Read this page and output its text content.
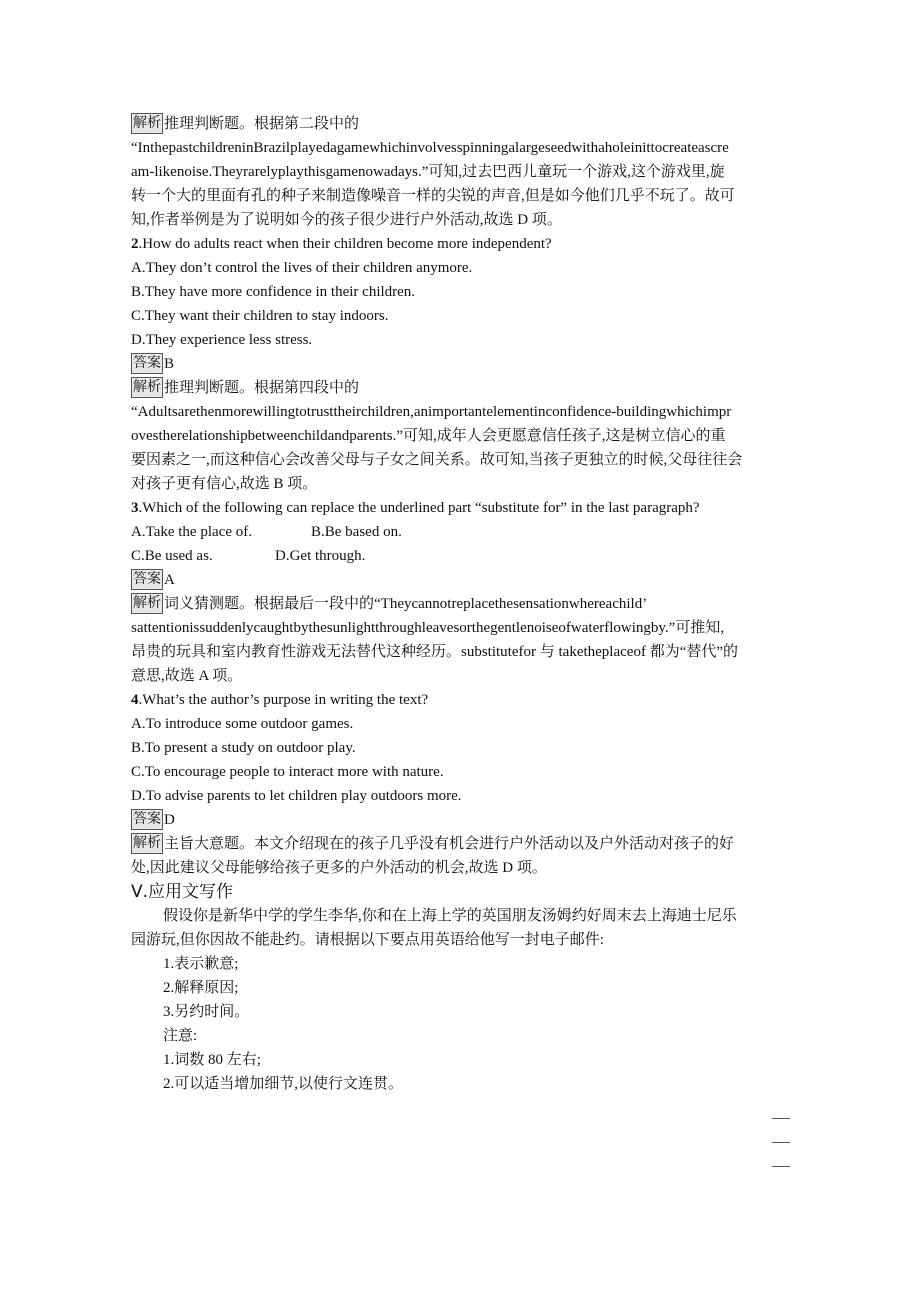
解析 推理判断题。根据第二段中的
“InthepastchildreninBrazilplayedagamewhichinvolvesspinningalargeseedwithaholeinittocreateascre
am-likenoise.Theyrarelyplaythisgamenowadays.”可知,过去巴西儿童玩一个游戏,这个游戏里,旋
转一个大的里面有孔的种子来制造像噪音一样的尖锐的声音,但是如今他们几乎不玩了。故可
知,作者举例是为了说明如今的孩子很少进行户外活动,故选 D 项。
2.How do adults react when their children become more independent?
A.They don’t control the lives of their children anymore.
B.They have more confidence in their children.
C.They want their children to stay indoors.
D.They experience less stress.
答案 B
解析 推理判断题。根据第四段中的
“Adultsarethenmorewillingtotrusttheirchildren,animportantelementinconfidence-buildingwhichimpr
ovestherelationshipbetweenchildandparents.”可知,成年人会更愿意信任孩子,这是树立信心的重
要因素之一,而这种信心会改善父母与子女之间关系。故可知,当孩子更独立的时候,父母往往会
对孩子更有信心,故选 B 项。
3.Which of the following can replace the underlined part “substitute for” in the last paragraph?
A.Take the place of.	B.Be based on.
C.Be used as.	D.Get through.
答案 A
解析 词义猜测题。根据最后一段中的“Theycannotreplacethesensationwhereachild’
sattentionissuddenlycaughtbythesunlightthroughleavesorthegentlenoiseofwaterflowingby.”可推知,
昂贵的玩具和室内教育性游戏无法替代这种经历。substitutefor 与 taketheplaceof 都为“替代”的
意思,故选 A 项。
4.What’s the author’s purpose in writing the text?
A.To introduce some outdoor games.
B.To present a study on outdoor play.
C.To encourage people to interact more with nature.
D.To advise parents to let children play outdoors more.
答案 D
解析 主旨大意题。本文介绍现在的孩子几乎没有机会进行户外活动以及户外活动对孩子的好
处,因此建议父母能够给孩子更多的户外活动的机会,故选 D 项。
Ⅴ.应用文写作
假设你是新华中学的学生李华,你和在上海上学的英国朋友汤姆约好周末去上海迪士尼乐
园游玩,但你因故不能赴约。请根据以下要点用英语给他写一封电子邮件:
1.表示歉意;
2.解释原因;
3.另约时间。
注意:
1.词数 80 左右;
2.可以适当增加细节,以使行文连贯。
